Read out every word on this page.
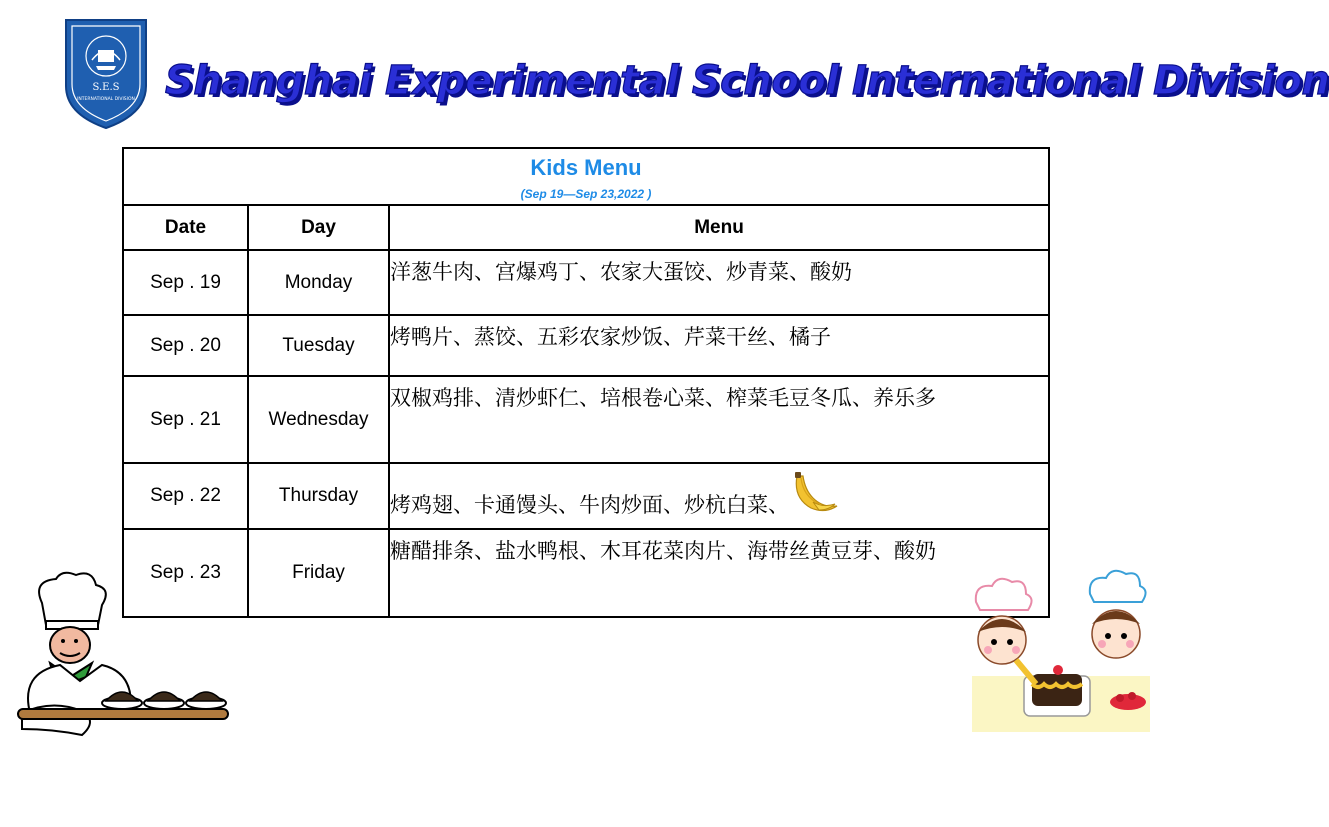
S.E.S
INTERNATIONAL DIVISION Shanghai Experimental School International Division
Kids Menu
(Sep 19—Sep 23,2022 )		

Date	Day	Menu
Sep . 19	Monday	洋葱牛肉、宫爆鸡丁、农家大蛋饺、炒青菜、酸奶
Sep . 20	Tuesday	烤鸭片、蒸饺、五彩农家炒饭、芹菜干丝、橘子
Sep . 21	Wednesday	双椒鸡排、清炒虾仁、培根卷心菜、榨菜毛豆冬瓜、养乐多
Sep . 22	Thursday	烤鸡翅、卡通馒头、牛肉炒面、炒杭白菜、
Sep . 23	Friday	糖醋排条、盐水鸭根、木耳花菜肉片、海带丝黄豆芽、酸奶
